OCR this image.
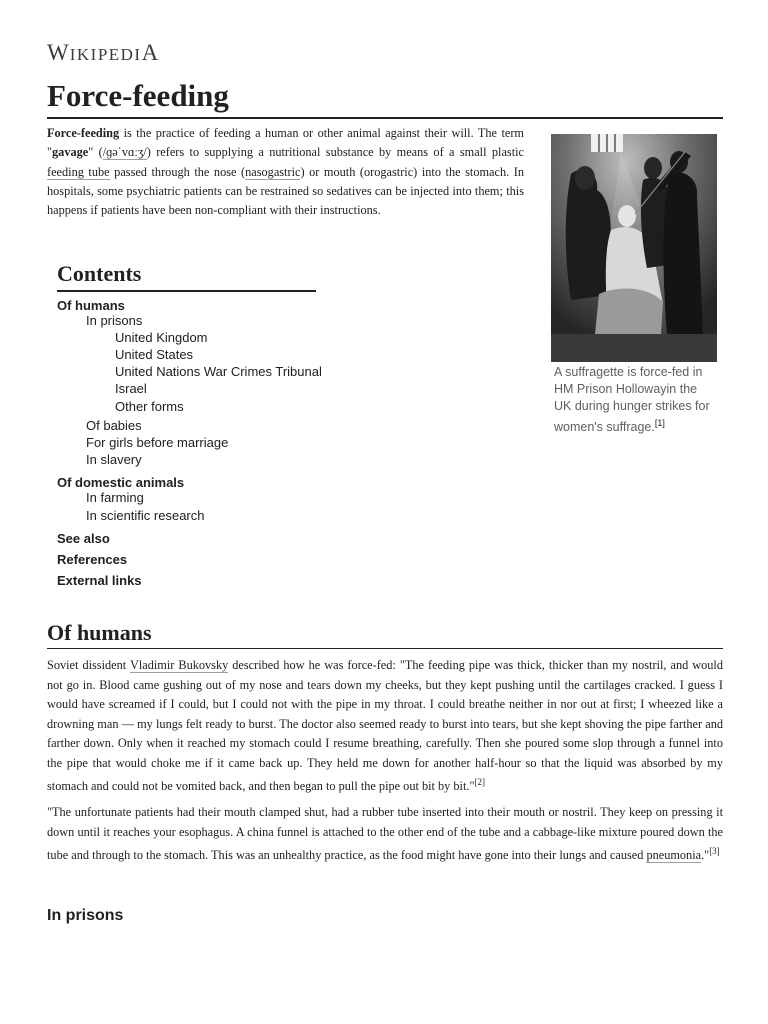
WIKIPEDIA
Force-feeding
Force-feeding is the practice of feeding a human or other animal against their will. The term "gavage" (/ɡəˈvɑːʒ/) refers to supplying a nutritional substance by means of a small plastic feeding tube passed through the nose (nasogastric) or mouth (orogastric) into the stomach. In hospitals, some psychiatric patients can be restrained so sedatives can be injected into them; this happens if patients have been non-compliant with their instructions.
A suffragette is force-fed in HM Prison Hollowayin the UK during hunger strikes for women's suffrage.[1]
Contents
Of humans
In prisons
United Kingdom
United States
United Nations War Crimes Tribunal
Israel
Other forms
Of babies
For girls before marriage
In slavery
Of domestic animals
In farming
In scientific research
See also
References
External links
Of humans
Soviet dissident Vladimir Bukovsky described how he was force-fed: "The feeding pipe was thick, thicker than my nostril, and would not go in. Blood came gushing out of my nose and tears down my cheeks, but they kept pushing until the cartilages cracked. I guess I would have screamed if I could, but I could not with the pipe in my throat. I could breathe neither in nor out at first; I wheezed like a drowning man — my lungs felt ready to burst. The doctor also seemed ready to burst into tears, but she kept shoving the pipe farther and farther down. Only when it reached my stomach could I resume breathing, carefully. Then she poured some slop through a funnel into the pipe that would choke me if it came back up. They held me down for another half-hour so that the liquid was absorbed by my stomach and could not be vomited back, and then began to pull the pipe out bit by bit."[2]
"The unfortunate patients had their mouth clamped shut, had a rubber tube inserted into their mouth or nostril. They keep on pressing it down until it reaches your esophagus. A china funnel is attached to the other end of the tube and a cabbage-like mixture poured down the tube and through to the stomach. This was an unhealthy practice, as the food might have gone into their lungs and caused pneumonia."[3]
In prisons
